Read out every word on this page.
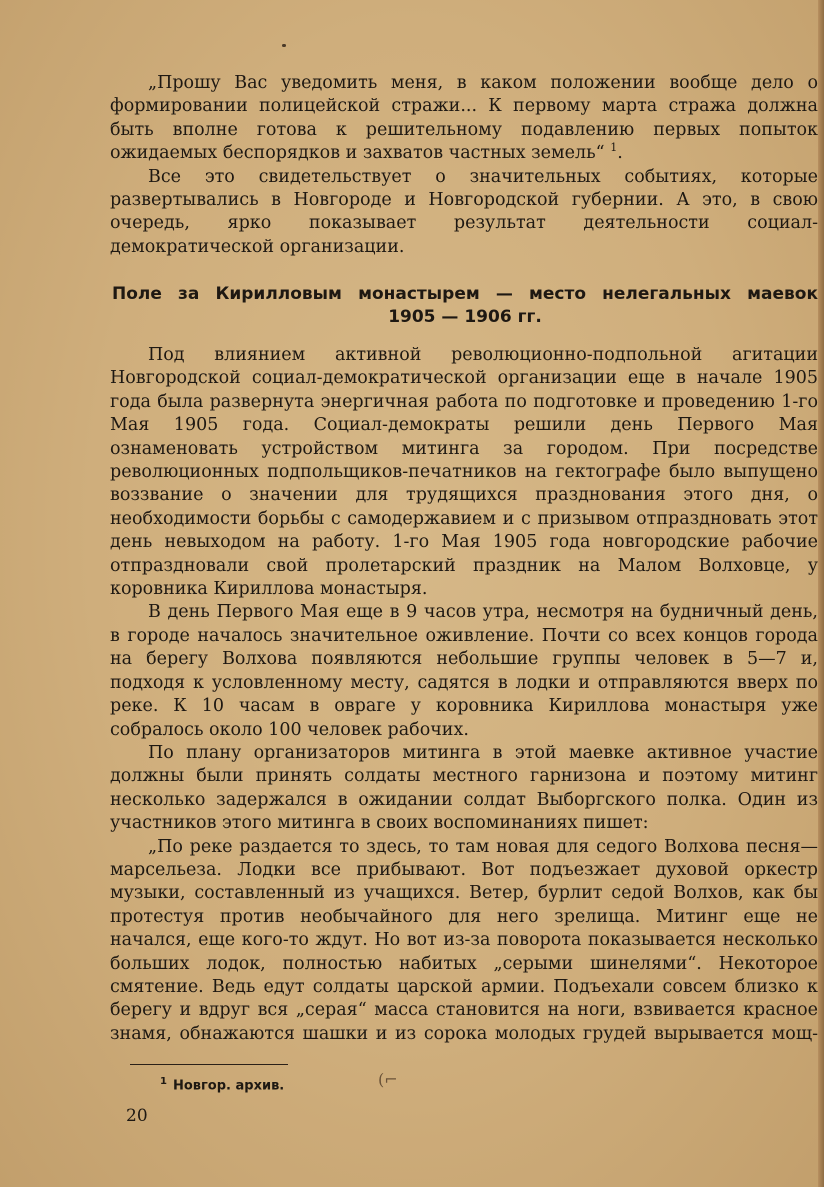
„Прошу Вас уведомить меня, в каком положении вообще дело о формировании полицейской стражи... К первому марта стража должна быть вполне готова к решительному подавлению первых попыток ожидаемых беспорядков и захватов частных земель“ $^1$.

Все это свидетельствует о значительных событиях, которые развертывались в Новгороде и Новгородской губернии. А это, в свою очередь, ярко показывает результат деятельности социал-демократической организации.

Поле за Кирилловым монастырем — место нелегальных маевок
1905 — 1906 гг.

Под влиянием активной революционно-подпольной агитации Новгородской социал-демократической организации еще в начале 1905 года была развернута энергичная работа по подготовке и проведению 1-го Мая 1905 года. Социал-демократы решили день Первого Мая ознаменовать устройством митинга за городом. При посредстве революционных подпольщиков-печатников на гектографе было выпущено воззвание о значении для трудящихся празднования этого дня, о необходимости борьбы с самодержавием и с призывом отпраздновать этот день невыходом на работу. 1-го Мая 1905 года новгородские рабочие отпраздновали свой пролетарский праздник на Малом Волховце, у коровника Кириллова монастыря.

В день Первого Мая еще в 9 часов утра, несмотря на будничный день, в городе началось значительное оживление. Почти со всех концов города на берегу Волхова появляются небольшие группы человек в 5—7 и, подходя к условленному месту, садятся в лодки и отправляются вверх по реке. К 10 часам в овраге у коровника Кириллова монастыря уже собралось около 100 человек рабочих.

По плану организаторов митинга в этой маевке активное участие должны были принять солдаты местного гарнизона и поэтому митинг несколько задержался в ожидании солдат Выборгского полка. Один из участников этого митинга в своих воспоминаниях пишет:

„По реке раздается то здесь, то там новая для седого Волхова песня—марсельеза. Лодки все прибывают. Вот подъезжает духовой оркестр музыки, составленный из учащихся. Ветер, бурлит седой Волхов, как бы протестуя против необычайного для него зрелища. Митинг еще не начался, еще кого-то ждут. Но вот из-за поворота показывается несколько больших лодок, полностью набитых „серыми шинелями“. Некоторое смятение. Ведь едут солдаты царской армии. Подъехали совсем близко к берегу и вдруг вся „серая“ масса становится на ноги, взвивается красное знамя, обнажаются шашки и из сорока молодых грудей вырывается мощ-

$^1$ Новгор. архив.	(⌐
20
